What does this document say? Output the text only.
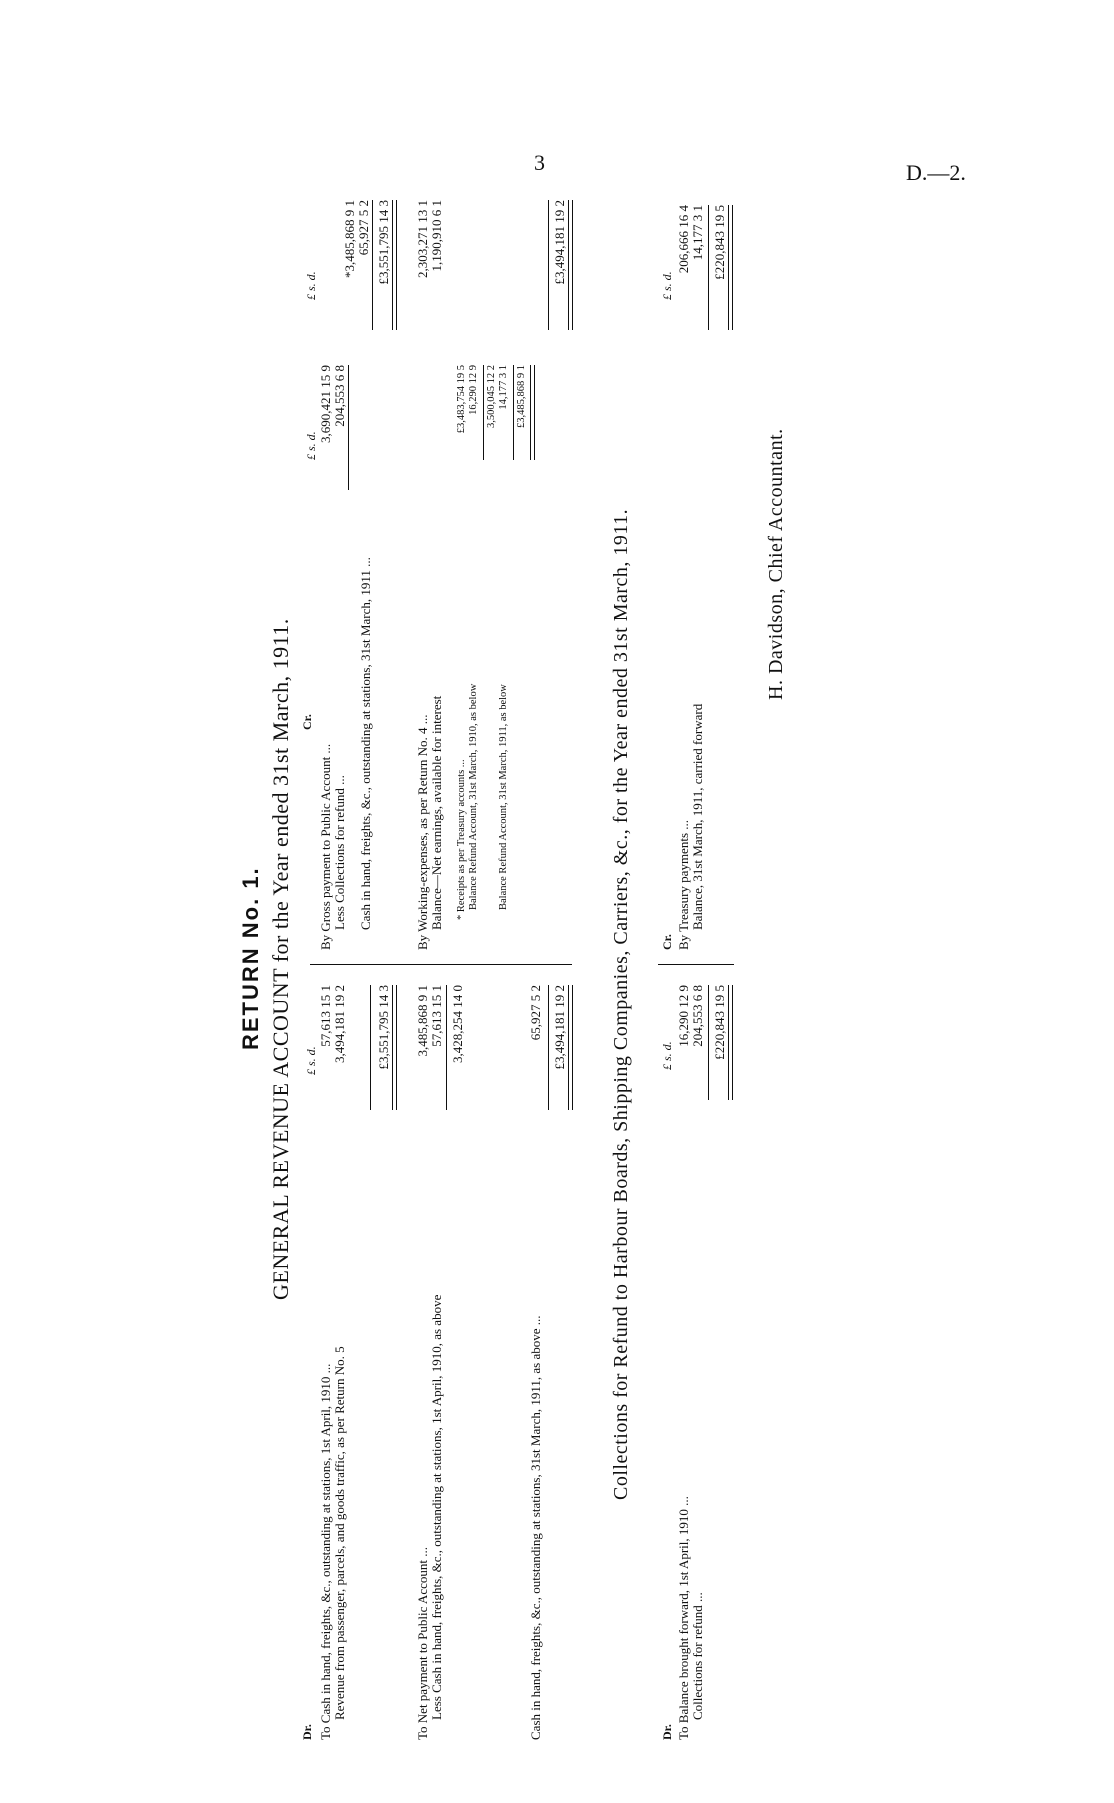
3	D.—2.
RETURN No. 1. GENERAL REVENUE ACCOUNT for the Year ended 31st March, 1911.
Dr.
Cr.
£ s. d.
£ s. d.
£ s. d.
To Cash in hand, freights, &c., outstanding at stations, 1st April, 1910 ...
57,613 15 1
Revenue from passenger, parcels, and goods traffic, as per Return No. 5
3,494,181 19 2 £3,551,795 14 3
To Net payment to Public Account ...
3,485,868 9 1
Less Cash in hand, freights, &c., outstanding at stations, 1st April, 1910, as above
57,613 15 1 3,428,254 14 0
Cash in hand, freights, &c., outstanding at stations, 31st March, 1911, as above ...
65,927 5 2 £3,494,181 19 2
By Gross payment to Public Account ...
3,690,421 15 9
Less Collections for refund ...
204,553 6 8
*3,485,868 9 1
Cash in hand, freights, &c., outstanding at stations, 31st March, 1911 ...
65,927 5 2 £3,551,795 14 3
By Working-expenses, as per Return No. 4 ...
2,303,271 13 1
Balance—Net earnings, available for interest
1,190,910 6 1
* Receipts as per Treasury accounts ...
£3,483,754 19 5
Balance Refund Account, 31st March, 1910, as below
16,290 12 9 3,500,045 12 2
Balance Refund Account, 31st March, 1911, as below
14,177 3 1 £3,485,868 9 1
£3,494,181 19 2
Collections for Refund to Harbour Boards, Shipping Companies, Carriers, &c., for the Year ended 31st March, 1911.
Dr.
Cr.
£ s. d.
£ s. d.
To Balance brought forward, 1st April, 1910 ...
16,290 12 9
Collections for refund ...
204,553 6 8 £220,843 19 5
By Treasury payments ...
206,666 16 4
Balance, 31st March, 1911, carried forward
14,177 3 1 £220,843 19 5
H. Davidson, Chief Accountant.
